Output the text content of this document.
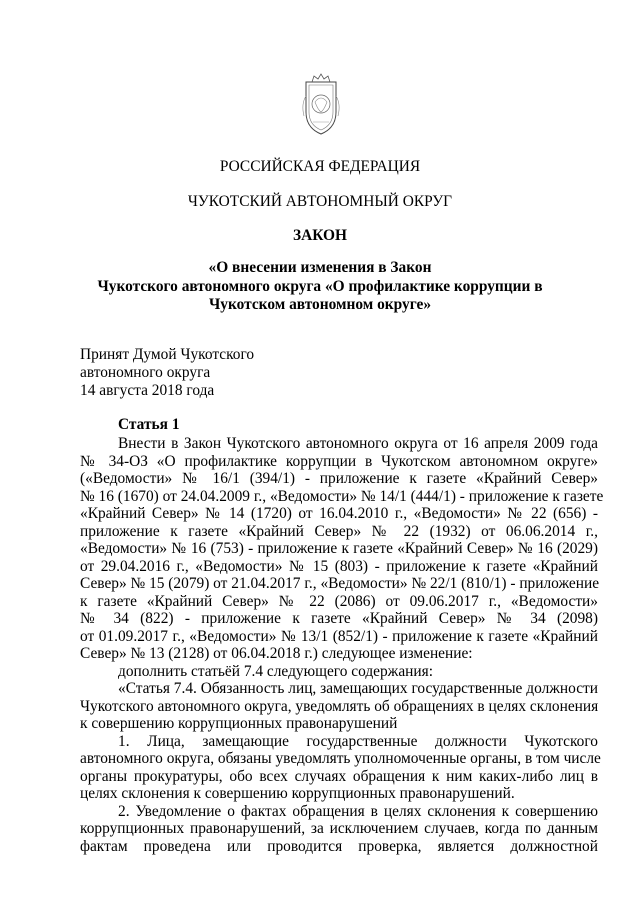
РОССИЙСКАЯ ФЕДЕРАЦИЯ
ЧУКОТСКИЙ АВТОНОМНЫЙ ОКРУГ
ЗАКОН
«О внесении изменения в Закон
Чукотского автономного округа «О профилактике коррупции в
Чукотском автономном округе»
Принят Думой Чукотского
автономного округа
14 августа 2018 года
Статья 1
Внести в Закон Чукотского автономного округа от 16 апреля 2009 года
№ 34-ОЗ «О профилактике коррупции в Чукотском автономном округе»
(«Ведомости» № 16/1 (394/1) - приложение к газете «Крайний Север»
№ 16 (1670) от 24.04.2009 г., «Ведомости» № 14/1 (444/1) - приложение к газете
«Крайний Север» № 14 (1720) от 16.04.2010 г., «Ведомости» № 22 (656) -
приложение к газете «Крайний Север» № 22 (1932) от 06.06.2014 г.,
«Ведомости» № 16 (753) - приложение к газете «Крайний Север» № 16 (2029)
от 29.04.2016 г., «Ведомости» № 15 (803) - приложение к газете «Крайний
Север» № 15 (2079) от 21.04.2017 г., «Ведомости» № 22/1 (810/1) - приложение
к газете «Крайний Север» № 22 (2086) от 09.06.2017 г., «Ведомости»
№ 34 (822) - приложение к газете «Крайний Север» № 34 (2098)
от 01.09.2017 г., «Ведомости» № 13/1 (852/1) - приложение к газете «Крайний
Север» № 13 (2128) от 06.04.2018 г.) следующее изменение:
дополнить статьёй 7.4 следующего содержания:
«Статья 7.4. Обязанность лиц, замещающих государственные должности
Чукотского автономного округа, уведомлять об обращениях в целях склонения
к совершению коррупционных правонарушений
1. Лица, замещающие государственные должности Чукотского
автономного округа, обязаны уведомлять уполномоченные органы, в том числе
органы прокуратуры, обо всех случаях обращения к ним каких-либо лиц в
целях склонения к совершению коррупционных правонарушений.
2. Уведомление о фактах обращения в целях склонения к совершению
коррупционных правонарушений, за исключением случаев, когда по данным
фактам проведена или проводится проверка, является должностной
